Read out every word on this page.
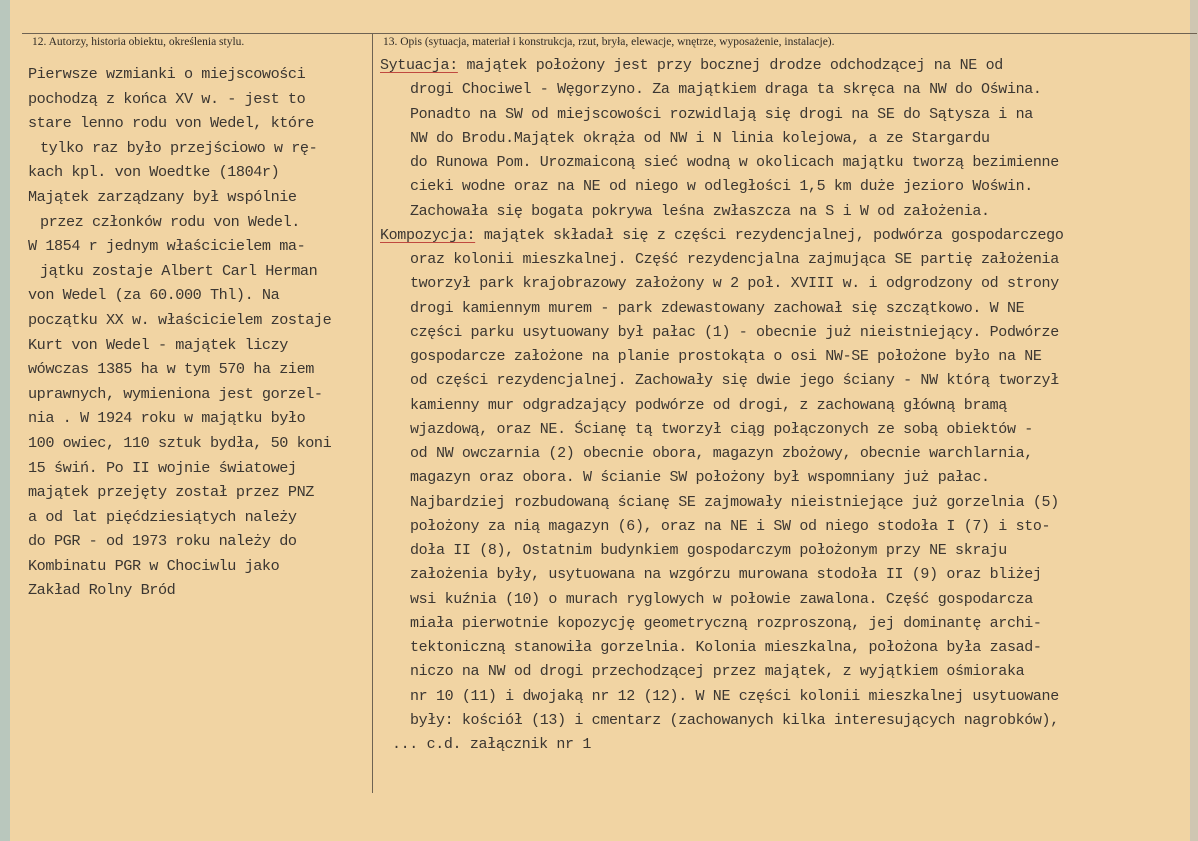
12. Autorzy, historia obiektu, określenia stylu.	13. Opis (sytuacja, materiał i konstrukcja, rzut, bryła, elewacje, wnętrze, wyposażenie, instalacje).
Pierwsze wzmianki o miejscowości
pochodzą z końca XV w. - jest to
stare lenno rodu von Wedel, które
tylko raz było przejściowo w rę-
kach kpl. von Woedtke (1804r)
Majątek zarządzany był wspólnie
przez członków rodu von Wedel.
W 1854 r jednym właścicielem ma-
jątku zostaje Albert Carl Herman
von Wedel (za 60.000 Thl). Na
początku XX w. właścicielem zostaje
Kurt von Wedel - majątek liczy
wówczas 1385 ha w tym 570 ha ziem
uprawnych, wymieniona jest gorzel-
nia . W 1924 roku w majątku było
100 owiec, 110 sztuk bydła, 50 koni
15 świń. Po II wojnie światowej
majątek przejęty został przez PNZ
a od lat pięćdziesiątych należy
do PGR - od 1973 roku należy do
Kombinatu PGR w Chociwlu jako
Zakład Rolny Bród
Sytuacja: majątek położony jest przy bocznej drodze odchodzącej na NE od
drogi Chociwel - Węgorzyno. Za majątkiem draga ta skręca na NW do Oświna.
Ponadto na SW od miejscowości rozwidlają się drogi na SE do Sątysza i na
NW do Brodu.Majątek okrąża od NW i N linia kolejowa, a ze Stargardu
do Runowa Pom. Urozmaiconą sieć wodną w okolicach majątku tworzą bezimienne
cieki wodne oraz na NE od niego w odległości 1,5 km duże jezioro Woświn.
Zachowała się bogata pokrywa leśna zwłaszcza na S i W od założenia.
Kompozycja: majątek składał się z części rezydencjalnej, podwórza gospodarczego
oraz kolonii mieszkalnej. Część rezydencjalna zajmująca SE partię założenia
tworzył park krajobrazowy założony w 2 poł. XVIII w. i odgrodzony od strony
drogi kamiennym murem - park zdewastowany zachował się szczątkowo. W NE
części parku usytuowany był pałac (1) - obecnie już nieistniejący. Podwórze
gospodarcze założone na planie prostokąta o osi NW-SE położone było na NE
od części rezydencjalnej. Zachowały się dwie jego ściany - NW którą tworzył
kamienny mur odgradzający podwórze od drogi, z zachowaną główną bramą
wjazdową, oraz NE. Ścianę tą tworzył ciąg połączonych ze sobą obiektów -
od NW owczarnia (2) obecnie obora, magazyn zbożowy, obecnie warchlarnia,
magazyn oraz obora. W ścianie SW położony był wspomniany już pałac.
Najbardziej rozbudowaną ścianę SE zajmowały nieistniejące już gorzelnia (5)
położony za nią magazyn (6), oraz na NE i SW od niego stodoła I (7) i sto-
doła II (8), Ostatnim budynkiem gospodarczym położonym przy NE skraju
założenia były, usytuowana na wzgórzu murowana stodoła II (9) oraz bliżej
wsi kuźnia (10) o murach ryglowych w połowie zawalona. Część gospodarcza
miała pierwotnie kopozycję geometryczną rozproszoną, jej dominantę archi-
tektoniczną stanowiła gorzelnia. Kolonia mieszkalna, położona była zasad-
niczo na NW od drogi przechodzącej przez majątek, z wyjątkiem ośmioraka
nr 10 (11) i dwojaką nr 12 (12). W NE części kolonii mieszkalnej usytuowane
były: kościół (13) i cmentarz (zachowanych kilka interesujących nagrobków),
... c.d. załącznik nr 1
